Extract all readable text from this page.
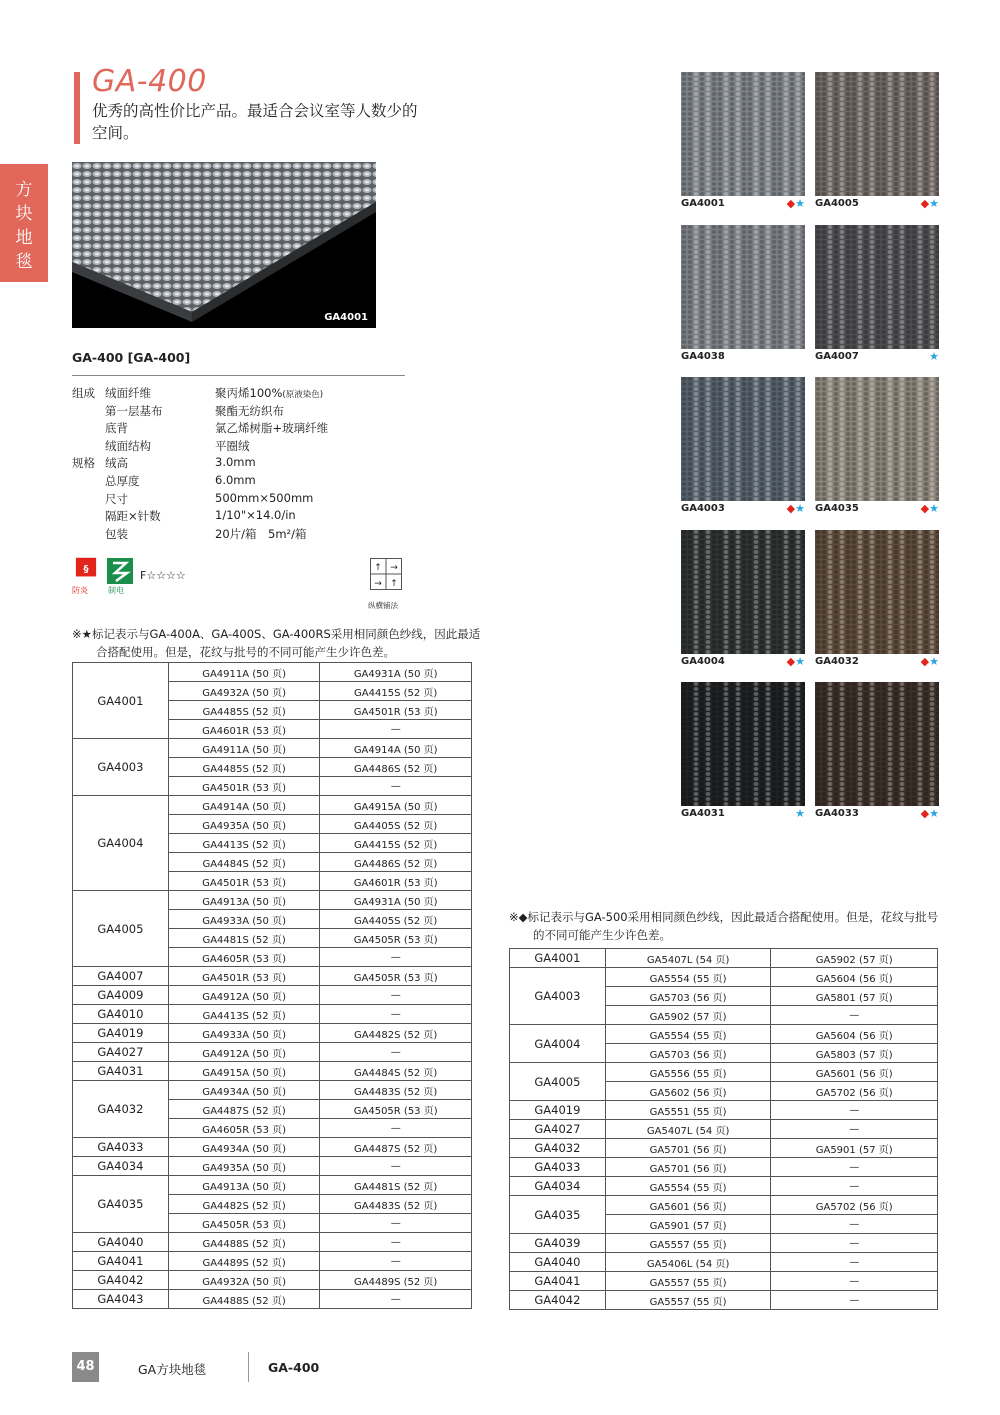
方
块
地
毯
GA-400
优秀的高性价比产品。最适合会议室等人数少的空间。
GA4001
GA-400 [GA-400]
组成 绒面纤维	聚丙烯100%(原液染色)
第一层基布	聚酯无纺织布
底背	氯乙烯树脂+玻璃纤维
绒面结构	平圈绒
规格 绒高	3.0mm
总厚度	6.0mm
尺寸	500mm×500mm
隔距×针数	1/10"×14.0/in
包装	20片/箱　5m²/箱
§
防炎	制电
F☆☆☆☆
↑ →
→ ↑
纵横铺法
※★标记表示与GA-400A、GA-400S、GA-400RS采用相同颜色纱线，因此最适
合搭配使用。但是，花纹与批号的不同可能产生少许色差。
GA4001	GA4911A (50 页)	GA4931A (50 页)
	GA4932A (50 页)	GA4415S (52 页)
	GA4485S (52 页)	GA4501R (53 页)
	GA4601R (53 页)	—
GA4003	GA4911A (50 页)	GA4914A (50 页)
	GA4485S (52 页)	GA4486S (52 页)
	GA4501R (53 页)	—
GA4004	GA4914A (50 页)	GA4915A (50 页)
	GA4935A (50 页)	GA4405S (52 页)
	GA4413S (52 页)	GA4415S (52 页)
	GA4484S (52 页)	GA4486S (52 页)
	GA4501R (53 页)	GA4601R (53 页)
GA4005	GA4913A (50 页)	GA4931A (50 页)
	GA4933A (50 页)	GA4405S (52 页)
	GA4481S (52 页)	GA4505R (53 页)
	GA4605R (53 页)	—
GA4007	GA4501R (53 页)	GA4505R (53 页)
GA4009	GA4912A (50 页)	—
GA4010	GA4413S (52 页)	—
GA4019	GA4933A (50 页)	GA4482S (52 页)
GA4027	GA4912A (50 页)	—
GA4031	GA4915A (50 页)	GA4484S (52 页)
GA4032	GA4934A (50 页)	GA4483S (52 页)
	GA4487S (52 页)	GA4505R (53 页)
	GA4605R (53 页)	—
GA4033	GA4934A (50 页)	GA4487S (52 页)
GA4034	GA4935A (50 页)	—
GA4035	GA4913A (50 页)	GA4481S (52 页)
	GA4482S (52 页)	GA4483S (52 页)
	GA4505R (53 页)	—
GA4040	GA4488S (52 页)	—
GA4041	GA4489S (52 页)	—
GA4042	GA4932A (50 页)	GA4489S (52 页)
GA4043	GA4488S (52 页)	—
GA4001	◆★ GA4005	◆★
GA4038	GA4007	★
GA4003	◆★ GA4035	◆★
GA4004	◆★ GA4032	◆★
GA4031	★ GA4033	◆★
※◆标记表示与GA-500采用相同颜色纱线，因此最适合搭配使用。但是，花纹与批号
的不同可能产生少许色差。
GA4001	GA5407L (54 页)	GA5902 (57 页)
GA4003	GA5554 (55 页)	GA5604 (56 页)
	GA5703 (56 页)	GA5801 (57 页)
	GA5902 (57 页)	—
GA4004	GA5554 (55 页)	GA5604 (56 页)
	GA5703 (56 页)	GA5803 (57 页)
GA4005	GA5556 (55 页)	GA5601 (56 页)
	GA5602 (56 页)	GA5702 (56 页)
GA4019	GA5551 (55 页)	—
GA4027	GA5407L (54 页)	—
GA4032	GA5701 (56 页)	GA5901 (57 页)
GA4033	GA5701 (56 页)	—
GA4034	GA5554 (55 页)	—
GA4035	GA5601 (56 页)	GA5702 (56 页)
	GA5901 (57 页)	—
GA4039	GA5557 (55 页)	—
GA4040	GA5406L (54 页)	—
GA4041	GA5557 (55 页)	—
GA4042	GA5557 (55 页)	—
48	GA方块地毯	GA-400
